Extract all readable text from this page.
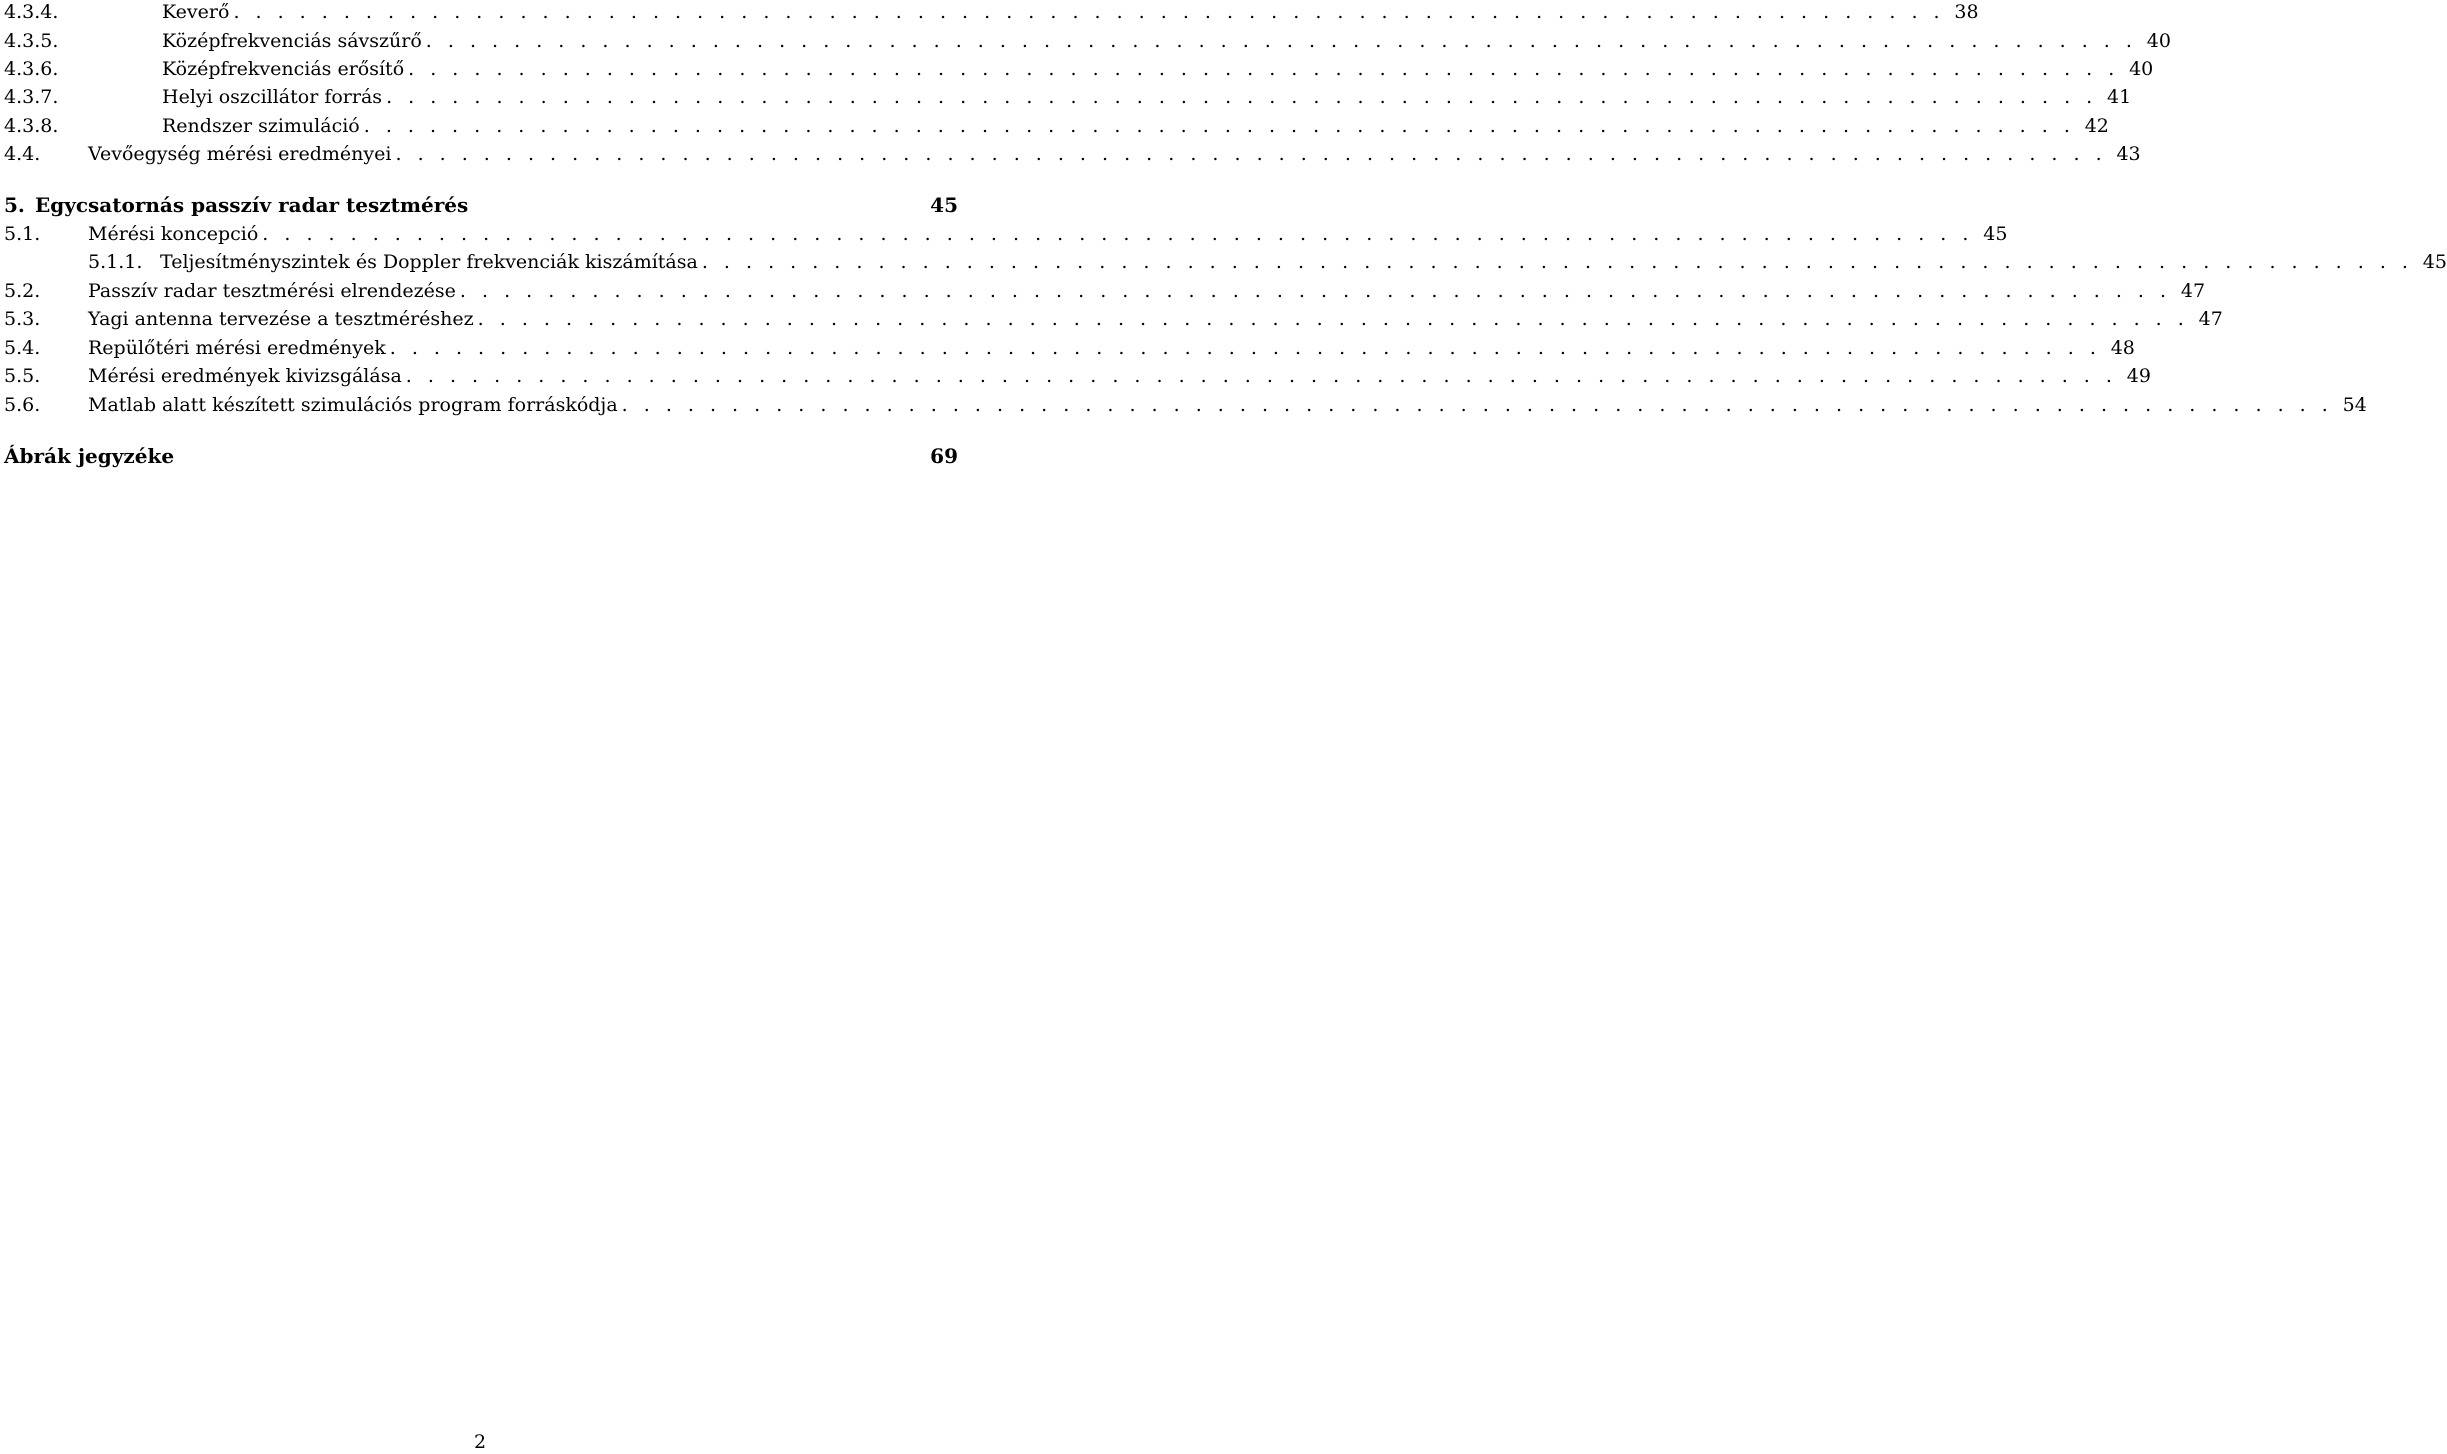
4.3.4.	Keverő . . . . . . . . . . . . . . . . . . . . . . . . . . . . . . . . . . . . . . . . . . . . . . . . . . . . . . . . . . . . . . . . . . . . . . . . . . . . . . 38
4.3.5.	Középfrekvenciás sávszűrő . . . . . . . . . . . . . . . . . . . . . . . . . . . . . . . . . . . . . . . . . . . . . . . . . . . . . . . . . . . . . . . . . . . . . . . . . . . . . . 40
4.3.6.	Középfrekvenciás erősítő . . . . . . . . . . . . . . . . . . . . . . . . . . . . . . . . . . . . . . . . . . . . . . . . . . . . . . . . . . . . . . . . . . . . . . . . . . . . . . 40
4.3.7.	Helyi oszcillátor forrás . . . . . . . . . . . . . . . . . . . . . . . . . . . . . . . . . . . . . . . . . . . . . . . . . . . . . . . . . . . . . . . . . . . . . . . . . . . . . . 41
4.3.8.	Rendszer szimuláció . . . . . . . . . . . . . . . . . . . . . . . . . . . . . . . . . . . . . . . . . . . . . . . . . . . . . . . . . . . . . . . . . . . . . . . . . . . . . . 42
4.4.	Vevőegység mérési eredményei . . . . . . . . . . . . . . . . . . . . . . . . . . . . . . . . . . . . . . . . . . . . . . . . . . . . . . . . . . . . . . . . . . . . . . . . . . . . . . 43
5. Egycsatornás passzív radar tesztmérés	45
5.1.	Mérési koncepció . . . . . . . . . . . . . . . . . . . . . . . . . . . . . . . . . . . . . . . . . . . . . . . . . . . . . . . . . . . . . . . . . . . . . . . . . . . . . . 45
5.1.1. Teljesítményszintek és Doppler frekvenciák kiszámítása . . . . . . . . . . . . . . . . . . . . . . . . . . . . . . . . . . . . . . . . . . . . . . . . . . . . . . . . . . . . . . . . . . . . . . . . . . . . . . 45
5.2.	Passzív radar tesztmérési elrendezése . . . . . . . . . . . . . . . . . . . . . . . . . . . . . . . . . . . . . . . . . . . . . . . . . . . . . . . . . . . . . . . . . . . . . . . . . . . . . . 47
5.3.	Yagi antenna tervezése a tesztméréshez . . . . . . . . . . . . . . . . . . . . . . . . . . . . . . . . . . . . . . . . . . . . . . . . . . . . . . . . . . . . . . . . . . . . . . . . . . . . . . 47
5.4.	Repülőtéri mérési eredmények . . . . . . . . . . . . . . . . . . . . . . . . . . . . . . . . . . . . . . . . . . . . . . . . . . . . . . . . . . . . . . . . . . . . . . . . . . . . . . 48
5.5.	Mérési eredmények kivizsgálása . . . . . . . . . . . . . . . . . . . . . . . . . . . . . . . . . . . . . . . . . . . . . . . . . . . . . . . . . . . . . . . . . . . . . . . . . . . . . . 49
5.6.	Matlab alatt készített szimulációs program forráskódja . . . . . . . . . . . . . . . . . . . . . . . . . . . . . . . . . . . . . . . . . . . . . . . . . . . . . . . . . . . . . . . . . . . . . . . . . . . . . . 54
Ábrák jegyzéke	69
2
